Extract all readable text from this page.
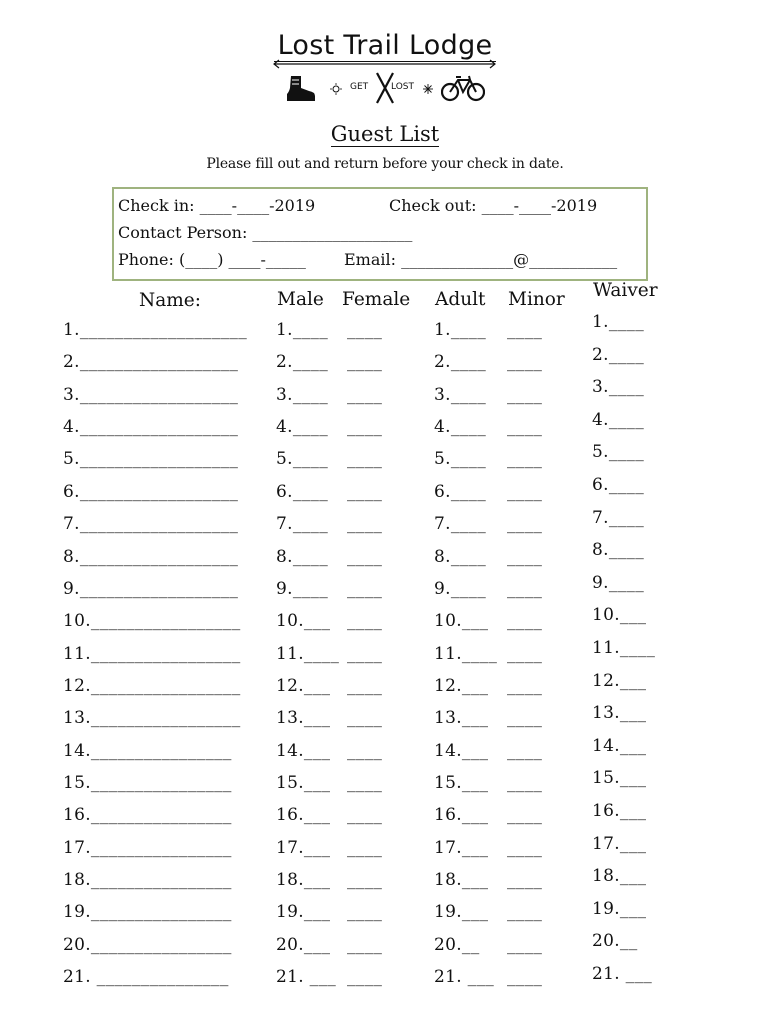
Lost Trail Lodge
GET	LOST
Guest List
Please fill out and return before your check in date.
Check in: ____-____-2019	Check out: ____-____-2019
Contact Person: ____________________
Phone: (____) ____-_____ Email: ______________@___________
Name:	Male Female Adult Minor Waiver
1.___________________ 1.____ ____	1.____ ____	1.____
2.__________________ 2.____ ____	2.____ ____	2.____
3.__________________ 3.____ ____	3.____ ____	3.____
4.__________________ 4.____ ____	4.____ ____	4.____
5.__________________ 5.____ ____	5.____ ____	5.____
6.__________________ 6.____ ____	6.____ ____	6.____
7.__________________ 7.____ ____	7.____ ____	7.____
8.__________________ 8.____ ____	8.____ ____	8.____
9.__________________ 9.____ ____	9.____ ____	9.____
10._________________ 10.___ ____	10.___ ____	10.___
11._________________ 11.____ ____	11.____ ____	11.____
12._________________ 12.___ ____	12.___ ____	12.___
13._________________ 13.___ ____	13.___ ____	13.___
14.________________	14.___ ____	14.___ ____	14.___
15.________________	15.___ ____	15.___ ____	15.___
16.________________	16.___ ____	16.___ ____	16.___
17.________________	17.___ ____	17.___ ____	17.___
18.________________	18.___ ____	18.___ ____	18.___
19.________________	19.___ ____	19.___ ____	19.___
20.________________	20.___ ____	20.__ ____	20.__
21. _______________	21. ___ ____	21. ___ ____	21. ___
